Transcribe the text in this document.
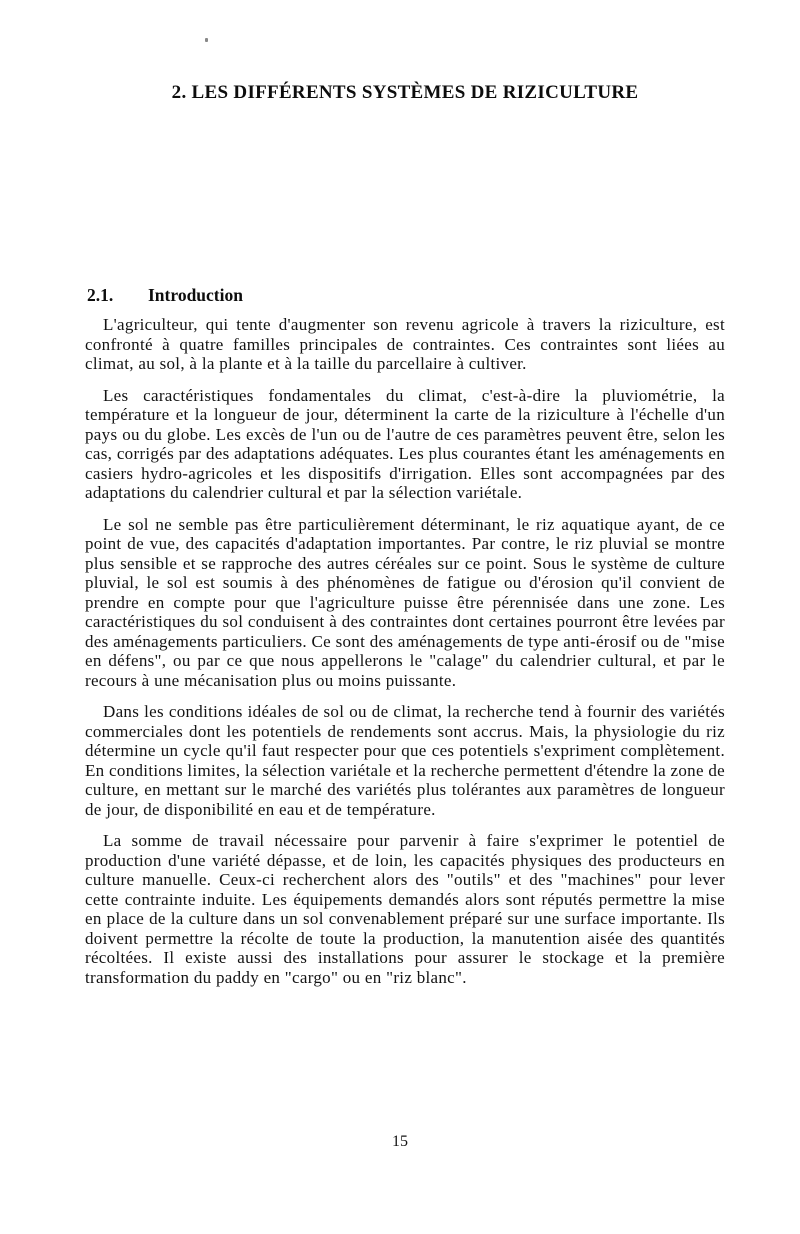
2. LES DIFFÉRENTS SYSTÈMES DE RIZICULTURE
2.1.	Introduction

L'agriculteur, qui tente d'augmenter son revenu agricole à travers la riziculture, est confronté à quatre familles principales de contraintes. Ces contraintes sont liées au climat, au sol, à la plante et à la taille du parcellaire à cultiver.

Les caractéristiques fondamentales du climat, c'est-à-dire la pluviométrie, la température et la longueur de jour, déterminent la carte de la riziculture à l'échelle d'un pays ou du globe. Les excès de l'un ou de l'autre de ces paramètres peuvent être, selon les cas, corrigés par des adaptations adéquates. Les plus courantes étant les aménagements en casiers hydro-agricoles et les dispositifs d'irrigation. Elles sont accompagnées par des adaptations du calendrier cultural et par la sélection variétale.

Le sol ne semble pas être particulièrement déterminant, le riz aquatique ayant, de ce point de vue, des capacités d'adaptation importantes. Par contre, le riz pluvial se montre plus sensible et se rapproche des autres céréales sur ce point. Sous le système de culture pluvial, le sol est soumis à des phénomènes de fatigue ou d'érosion qu'il convient de prendre en compte pour que l'agriculture puisse être pérennisée dans une zone. Les caractéristiques du sol conduisent à des contraintes dont certaines pourront être levées par des aménagements particuliers. Ce sont des aménagements de type anti-érosif ou de "mise en défens", ou par ce que nous appellerons le "calage" du calendrier cultural, et par le recours à une mécanisation plus ou moins puissante.

Dans les conditions idéales de sol ou de climat, la recherche tend à fournir des variétés commerciales dont les potentiels de rendements sont accrus. Mais, la physiologie du riz détermine un cycle qu'il faut respecter pour que ces potentiels s'expriment complètement. En conditions limites, la sélection variétale et la recherche permettent d'étendre la zone de culture, en mettant sur le marché des variétés plus tolérantes aux paramètres de longueur de jour, de disponibilité en eau et de température.

La somme de travail nécessaire pour parvenir à faire s'exprimer le potentiel de production d'une variété dépasse, et de loin, les capacités physiques des producteurs en culture manuelle. Ceux-ci recherchent alors des "outils" et des "machines" pour lever cette contrainte induite. Les équipements demandés alors sont réputés permettre la mise en place de la culture dans un sol convenablement préparé sur une surface importante. Ils doivent permettre la récolte de toute la production, la manutention aisée des quantités récoltées. Il existe aussi des installations pour assurer le stockage et la première transformation du paddy en "cargo" ou en "riz blanc".

15
